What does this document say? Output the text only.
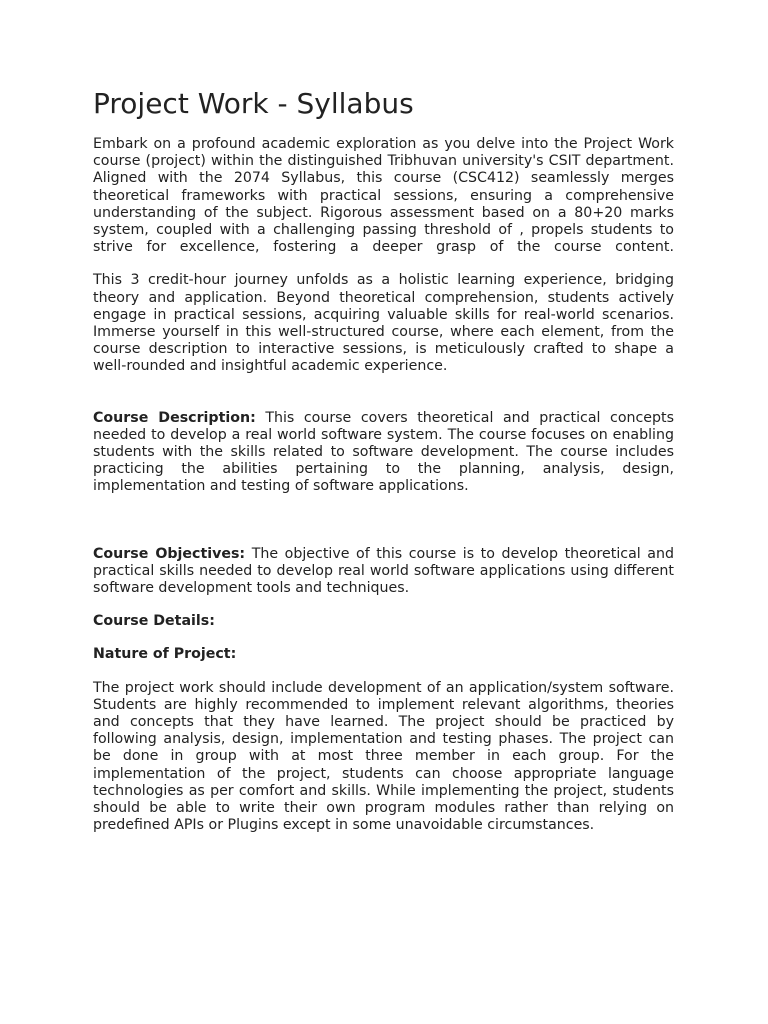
Project Work - Syllabus

Embark on a profound academic exploration as you delve into the Project Work course (project) within the distinguished Tribhuvan university's CSIT department. Aligned with the 2074 Syllabus, this course (CSC412) seamlessly merges theoretical frameworks with practical sessions, ensuring a comprehensive understanding of the subject. Rigorous assessment based on a 80+20 marks system, coupled with a challenging passing threshold of , propels students to strive for excellence, fostering a deeper grasp of the course content.

This 3 credit-hour journey unfolds as a holistic learning experience, bridging theory and application. Beyond theoretical comprehension, students actively engage in practical sessions, acquiring valuable skills for real-world scenarios. Immerse yourself in this well-structured course, where each element, from the course description to interactive sessions, is meticulously crafted to shape a well-rounded and insightful academic experience.

Course Description: This course covers theoretical and practical concepts needed to develop a real world software system. The course focuses on enabling students with the skills related to software development. The course includes practicing the abilities pertaining to the planning, analysis, design, implementation and testing of software applications.

Course Objectives: The objective of this course is to develop theoretical and practical skills needed to develop real world software applications using different software development tools and techniques.

Course Details:

Nature of Project:

The project work should include development of an application/system software. Students are highly recommended to implement relevant algorithms, theories and concepts that they have learned. The project should be practiced by following analysis, design, implementation and testing phases. The project can be done in group with at most three member in each group. For the implementation of the project, students can choose appropriate language technologies as per comfort and skills. While implementing the project, students should be able to write their own program modules rather than relying on predefined APIs or Plugins except in some unavoidable circumstances.
